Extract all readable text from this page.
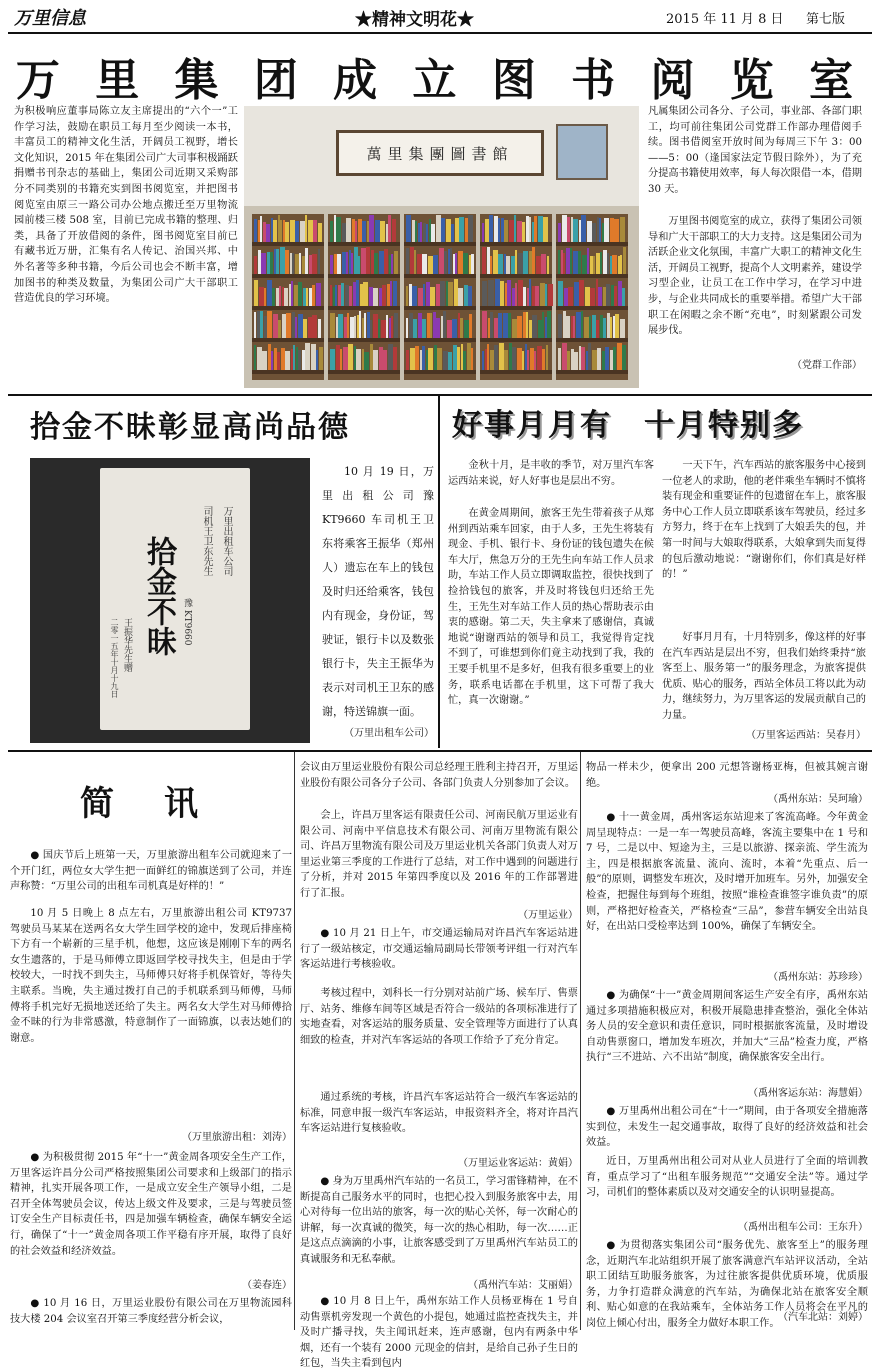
万里信息	★精神文明花★	2015 年 11 月 8 日 第七版
万 里 集 团 成 立 图 书 阅 览 室
为积极响应董事局陈立友主席提出的“六个一”工作学习法，鼓励在职员工每月至少阅读一本书，丰富员工的精神文化生活，开阔员工视野，增长文化知识，2015 年在集团公司广大司事积极踊跃捐赠书刊杂志的基础上，集团公司近期又采购部分不同类别的书籍充实到图书阅览室，并把图书阅览室由原三一路公司办公地点搬迁至万里物流园前楼三楼 508 室，目前已完成书籍的整理、归类，具备了开放借阅的条件，图书阅览室目前已有藏书近万册，汇集有名人传记、治国兴邦、中外名著等多种书籍，今后公司也会不断丰富，增加图书的种类及数量，为集团公司广大干部职工营造优良的学习环境。
萬里集團圖書館
凡属集团公司各分、子公司，事业部、各部门职工，均可前往集团公司党群工作部办理借阅手续。图书借阅室开放时间为每周三下午 3：00——5：00（逢国家法定节假日除外），为了充分提高书籍使用效率，每人每次限借一本，借期 30 天。
万里图书阅览室的成立，获得了集团公司领导和广大干部职工的大力支持。这是集团公司为活跃企业文化氛围，丰富广大职工的精神文化生活，开阔员工视野，提高个人文明素养，建设学习型企业，让员工在工作中学习，在学习中进步，与企业共同成长的重要举措。希望广大干部职工在闲暇之余不断“充电”，时刻紧跟公司发展步伐。
（党群工作部）
拾金不昧彰显高尚品德
司机王卫东先生 万里出租车公司
豫 KT9660
拾金不昧
王振华先生赠
二零一五年十月十九日
10 月 19 日，万里出租公司豫 KT9660 车司机王卫东将乘客王振华（郑州人）遗忘在车上的钱包及时归还给乘客，钱包内有现金，身份证，驾驶证，银行卡以及数张银行卡，失主王振华为表示对司机王卫东的感谢，特送锦旗一面。
（万里出租车公司）
好事月月有　十月特别多
金秋十月，是丰收的季节，对万里汽车客运西站来说，好人好事也是层出不穷。
在黄金周期间，旅客王先生带着孩子从郑州到西站乘车回家，由于人多，王先生将装有现金、手机、银行卡、身份证的钱包遗失在候车大厅，焦急万分的王先生向车站工作人员求助，车站工作人员立即调取监控，很快找到了捡拾钱包的旅客，并及时将钱包归还给王先生，王先生对车站工作人员的热心帮助表示由衷的感谢。第二天，失主拿来了感谢信，真诚地说“谢谢西站的领导和员工，我觉得肯定找不到了，可谁想到你们竟主动找到了我，我的王要手机里不是多好，但我有很多重要上的业务，联系电话都在手机里，这下可帮了我大忙，真一次谢谢。”
一天下午，汽车西站的旅客服务中心接到一位老人的求助，他的老伴乘坐车辆时不慎将装有现金和重要证件的包遗留在车上，旅客服务中心工作人员立即联系该车驾驶员，经过多方努力，终于在车上找到了大娘丢失的包，并第一时间与大娘取得联系，大娘拿到失而复得的包后激动地说：“谢谢你们，你们真是好样的！”
好事月月有，十月特别多，像这样的好事在汽车西站是层出不穷，但我们始终秉持“旅客至上、服务第一”的服务理念，为旅客提供优质、贴心的服务，西站全体员工将以此为动力，继续努力，为万里客运的发展贡献自己的力量。
（万里客运西站：吴春月）
简　讯
● 国庆节后上班第一天，万里旅游出租车公司就迎来了一个开门红，两位女大学生把一面鲜红的锦旗送到了公司，并连声称赞：“万里公司的出租车司机真是好样的！”
10 月 5 日晚上 8 点左右，万里旅游出租公司 KT9737 驾驶员马某某在送两名女大学生回学校的途中，发现后排座椅下方有一个崭新的三星手机，他想，这应该是刚刚下车的两名女生遗落的，于是马师傅立即返回学校寻找失主，但是由于学校较大，一时找不到失主，马师傅只好将手机保管好，等待失主联系。当晚，失主通过拨打自己的手机联系到马师傅，马师傅将手机完好无损地送还给了失主。两名女大学生对马师傅拾金不昧的行为非常感激，特意制作了一面锦旗，以表达她们的谢意。
（万里旅游出租：刘涛）
● 为积极贯彻 2015 年“十一”黄金周各项安全生产工作，万里客运许昌分公司严格按照集团公司要求和上级部门的指示精神，扎实开展各项工作，一是成立安全生产领导小组，二是召开全体驾驶员会议，传达上级文件及要求，三是与驾驶员签订安全生产目标责任书，四是加强车辆检查，确保车辆安全运行，确保了“十一”黄金周各项工作平稳有序开展，取得了良好的社会效益和经济效益。
（姜春连）
● 10 月 16 日，万里运业股份有限公司在万里物流园科技大楼 204 会议室召开第三季度经营分析会议，
会议由万里运业股份有限公司总经理王胜利主持召开，万里运业股份有限公司各分子公司、各部门负责人分别参加了会议。
会上，许昌万里客运有限责任公司、河南民航万里运业有限公司、河南中平信息技术有限公司、河南万里物流有限公司、许昌万里物流有限公司及万里运业机关各部门负责人对万里运业第三季度的工作进行了总结，对工作中遇到的问题进行了分析，并对 2015 年第四季度以及 2016 年的工作部署进行了汇报。
（万里运业）
● 10 月 21 日上午，市交通运输局对许昌汽车客运站进行了一级站核定，市交通运输局副局长带领考评组一行对汽车客运站进行考核验收。
考核过程中，刘科长一行分别对站前广场、候车厅、售票厅、站务、维修车间等区域是否符合一级站的各项标准进行了实地查看，对客运站的服务质量、安全管理等方面进行了认真细致的检查，并对汽车客运站的各项工作给予了充分肯定。
通过系统的考核，许昌汽车客运站符合一级汽车客运站的标准，同意申报一级汽车客运站，申报资料齐全，将对许昌汽车客运站进行复核验收。
（万里运业客运站：黄娟）
● 身为万里禹州汽车站的一名员工，学习雷锋精神，在不断提高自己服务水平的同时，也把心投入到服务旅客中去，用心对待每一位出站的旅客，每一次的贴心关怀，每一次耐心的讲解，每一次真诚的微笑，每一次的热心相助，每一次……正是这点点滴滴的小事，让旅客感受到了万里禹州汽车站员工的真诚服务和无私奉献。
（禹州汽车站：艾丽娟）
● 10 月 8 日上午，禹州东站工作人员杨亚梅在 1 号自动售票机旁发现一个黄色的小提包，她通过监控查找失主，并及时广播寻找，失主闻讯赶来，连声感谢，包内有两条中华烟，还有一个装有 2000 元现金的信封，是给自己孙子生日的红包，当失主看到包内
物品一样未少，便拿出 200 元想答谢杨亚梅，但被其婉言谢绝。
（禹州东站：吴珂瑜）
● 十一黄金周，禹州客运东站迎来了客流高峰。今年黄金周呈现特点：一是一车一驾驶员高峰，客流主要集中在 1 号和 7 号，二是以中、短途为主，三是以旅游、探亲流、学生流为主，四是根据旅客流量、流向、流时，本着“先重点、后一般”的原则，调整发车班次，及时增开加班车。另外，加强安全检查，把握住每到每个班组，按照“谁检查谁签字谁负责”的原则，严格把好检查关，严格检查“三品”，参营车辆安全出站良好，在出站口受检率达到 100%，确保了车辆安全。
（禹州东站：苏珍珍）
● 为确保“十一”黄金周期间客运生产安全有序，禹州东站通过多项措施积极应对，积极开展隐患排查整治，强化全体站务人员的安全意识和责任意识，同时根据旅客流量，及时增设自动售票窗口，增加发车班次，并加大“三品”检查力度，严格执行“三不进站、六不出站”制度，确保旅客安全出行。
（禹州客运东站：海慧娟）
● 万里禹州出租公司在“十一”期间，由于各项安全措施落实到位，未发生一起交通事故，取得了良好的经济效益和社会效益。
近日，万里禹州出租公司对从业人员进行了全面的培训教育，重点学习了“出租车服务规范”“交通安全法”等。通过学习，司机们的整体素质以及对交通安全的认识明显提高。
（禹州出租车公司：王东升）
● 为贯彻落实集团公司“服务优先、旅客至上”的服务理念，近期汽车北站组织开展了旅客满意汽车站评议活动，全站职工团结互助服务旅客，为过往旅客提供优质环境，优质服务，力争打造群众满意的汽车站，为确保北站在旅客安全顺利、贴心如意的在我站乘车，全体站务工作人员将会在平凡的岗位上倾心付出，服务全力做好本职工作。
（汽车北站：刘婷）
